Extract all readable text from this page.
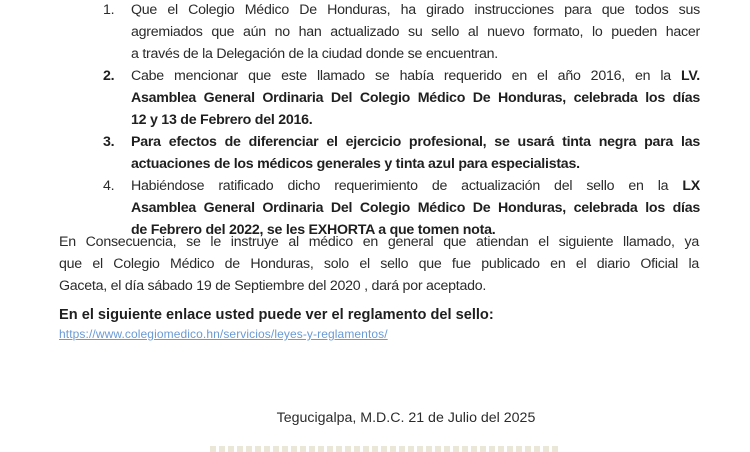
1. Que el Colegio Médico De Honduras, ha girado instrucciones para que todos sus
agremiados que aún no han actualizado su sello al nuevo formato, lo pueden hacer
a través de la Delegación de la ciudad donde se encuentran.
2. Cabe mencionar que este llamado se había requerido en el año 2016, en la LV.
Asamblea General Ordinaria Del Colegio Médico De Honduras, celebrada los días
12 y 13 de Febrero del 2016.
3. Para efectos de diferenciar el ejercicio profesional, se usará tinta negra para las
actuaciones de los médicos generales y tinta azul para especialistas.
4. Habiéndose ratificado dicho requerimiento de actualización del sello en la LX
Asamblea General Ordinaria Del Colegio Médico De Honduras, celebrada los días
de Febrero del 2022, se les EXHORTA a que tomen nota.
En Consecuencia, se le instruye al médico en general que atiendan el siguiente llamado, ya
que el Colegio Médico de Honduras, solo el sello que fue publicado en el diario Oficial la
Gaceta, el día sábado 19 de Septiembre del 2020 , dará por aceptado.
En el siguiente enlace usted puede ver el reglamento del sello:
https://www.colegiomedico.hn/servicios/leyes-y-reglamentos/
Tegucigalpa, M.D.C. 21 de Julio del 2025
